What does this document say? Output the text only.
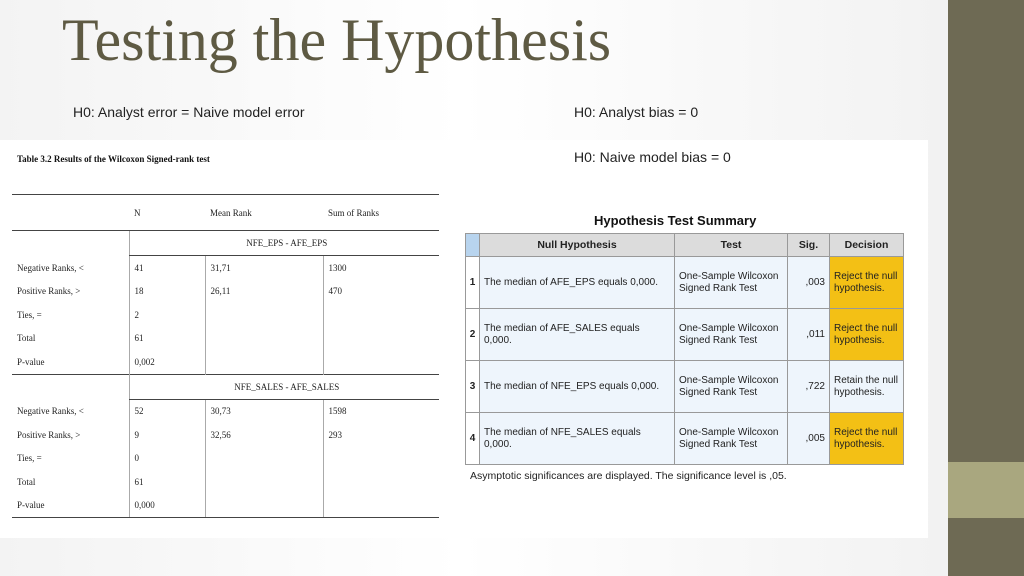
Testing the Hypothesis
H0: Analyst error = Naive model error	H0: Analyst bias = 0
H0: Naive model bias = 0
Table 3.2 Results of the Wilcoxon Signed-rank test
	N	Mean Rank	Sum of Ranks
	NFE_EPS - AFE_EPS		
Negative Ranks, <	41	31,71	1300
Positive Ranks, >	18	26,11	470
Ties, =	2		
Total	61		
P-value	0,002		
	NFE_SALES - AFE_SALES		
Negative Ranks, <	52	30,73	1598
Positive Ranks, >	9	32,56	293
Ties, =	0		
Total	61		
P-value	0,000		
Hypothesis Test Summary
	Null Hypothesis	Test	Sig.	Decision
1	The median of AFE_EPS equals 0,000.	One-Sample Wilcoxon Signed Rank Test	,003	Reject the null hypothesis.
2	The median of AFE_SALES equals 0,000.	One-Sample Wilcoxon Signed Rank Test	,011	Reject the null hypothesis.
3	The median of NFE_EPS equals 0,000.	One-Sample Wilcoxon Signed Rank Test	,722	Retain the null hypothesis.
4	The median of NFE_SALES equals 0,000.	One-Sample Wilcoxon Signed Rank Test	,005	Reject the null hypothesis.
Asymptotic significances are displayed. The significance level is ,05.
